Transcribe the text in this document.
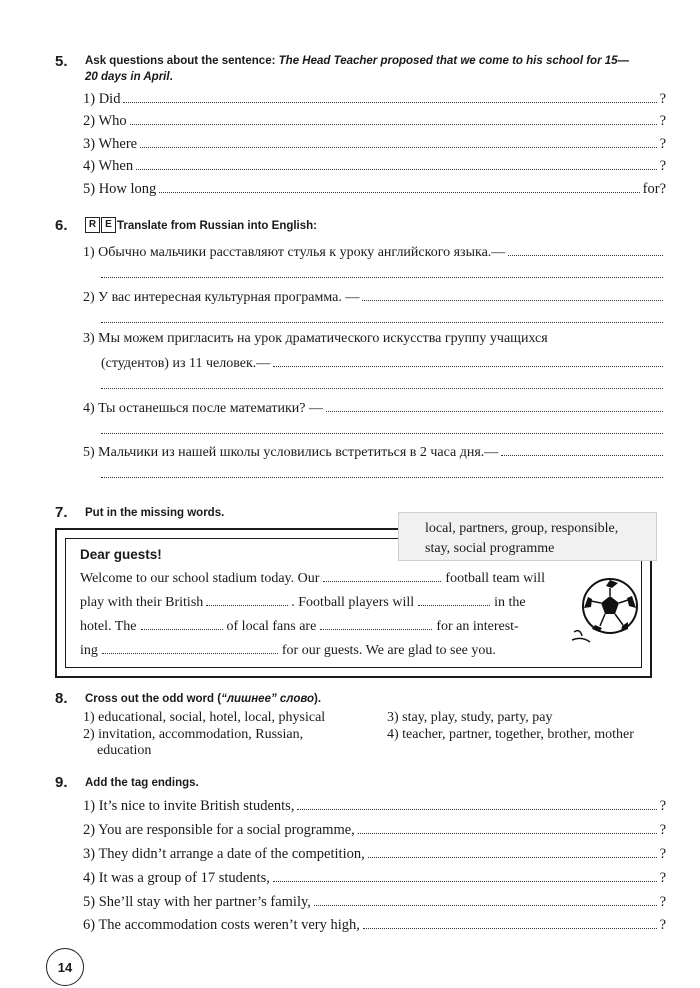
5. Ask questions about the sentence: The Head Teacher proposed that we come to his school for 15—
20 days in April.
1) Did	?
2) Who	?
3) Where	?
4) When	?
5) How long	for?
6.	R E Translate from Russian into English:
1) Обычно мальчики расставляют стулья к уроку английского языка.—
2) У вас интересная культурная программа. —
3) Мы можем пригласить на урок драматического искусства группу учащихся
(студентов) из 11 человек.—
4) Ты останешься после математики? —
5) Мальчики из нашей школы условились встретиться в 2 часа дня.—
7. Put in the missing words.
local, partners, group, responsible,
stay, social programme
Dear guests!
Welcome to our school stadium today. Our	football team will
play with their British	. Football players will	in the
hotel. The	of local fans are	for an interest-
ing	for our guests. We are glad to see you.
8. Cross out the odd word (“лишнее” слово).
1) educational, social, hotel, local, physical
2) invitation, accommodation, Russian,
education
3) stay, play, study, party, pay
4) teacher, partner, together, brother, mother
9. Add the tag endings.
1) It’s nice to invite British students,	?
2) You are responsible for a social programme,	?
3) They didn’t arrange a date of the competition,	?
4) It was a group of 17 students,	?
5) She’ll stay with her partner’s family,	?
6) The accommodation costs weren’t very high,	?
14
